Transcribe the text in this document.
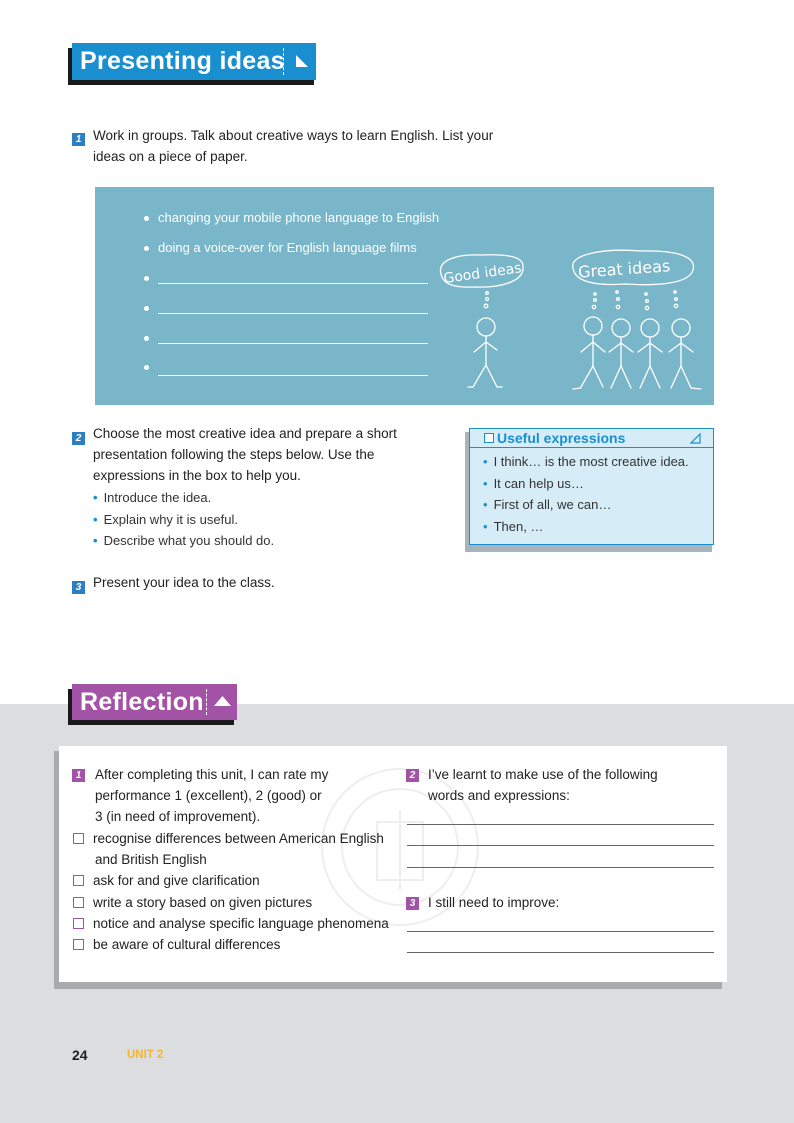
Presenting ideas
1 Work in groups. Talk about creative ways to learn English. List your
ideas on a piece of paper.
changing your mobile phone language to English
doing a voice-over for English language films
Good ideas	Great ideas
2 Choose the most creative idea and prepare a short
presentation following the steps below. Use the
expressions in the box to help you.
• Introduce the idea.
• Explain why it is useful.
• Describe what you should do.
Useful expressions
• I think… is the most creative idea.
• It can help us…
• First of all, we can…
• Then, …
3 Present your idea to the class.
Reflection
1 After completing this unit, I can rate my
performance 1 (excellent), 2 (good) or
3 (in need of improvement).
recognise differences between American English
and British English
ask for and give clarification
write a story based on given pictures
notice and analyse specific language phenomena
be aware of cultural differences
2 I’ve learnt to make use of the following
words and expressions:
3 I still need to improve:
24	UNIT 2
